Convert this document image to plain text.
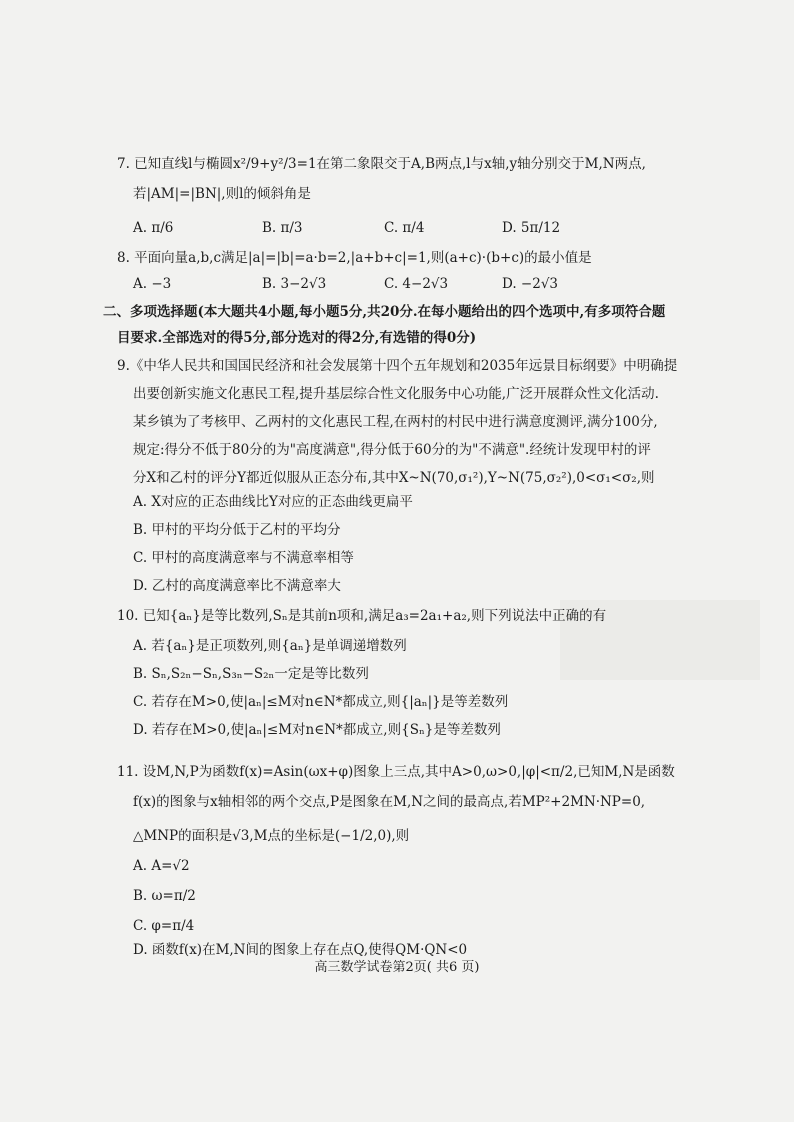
7. 已知直线l与椭圆x²/9+y²/3=1在第二象限交于A,B两点,l与x轴,y轴分别交于M,N两点,
若|AM|=|BN|,则l的倾斜角是
A. π/6	B. π/3	C. π/4	D. 5π/12
8. 平面向量a,b,c满足|a|=|b|=a·b=2,|a+b+c|=1,则(a+c)·(b+c)的最小值是
A. −3	B. 3−2√3	C. 4−2√3	D. −2√3
二、多项选择题(本大题共4小题,每小题5分,共20分.在每小题给出的四个选项中,有多项符合题
目要求.全部选对的得5分,部分选对的得2分,有选错的得0分)
9.《中华人民共和国国民经济和社会发展第十四个五年规划和2035年远景目标纲要》中明确提
出要创新实施文化惠民工程,提升基层综合性文化服务中心功能,广泛开展群众性文化活动.
某乡镇为了考核甲、乙两村的文化惠民工程,在两村的村民中进行满意度测评,满分100分,
规定:得分不低于80分的为"高度满意",得分低于60分的为"不满意".经统计发现甲村的评
分X和乙村的评分Y都近似服从正态分布,其中X~N(70,σ₁²),Y~N(75,σ₂²),0<σ₁<σ₂,则
A. X对应的正态曲线比Y对应的正态曲线更扁平
B. 甲村的平均分低于乙村的平均分
C. 甲村的高度满意率与不满意率相等
D. 乙村的高度满意率比不满意率大
10. 已知{aₙ}是等比数列,Sₙ是其前n项和,满足a₃=2a₁+a₂,则下列说法中正确的有
A. 若{aₙ}是正项数列,则{aₙ}是单调递增数列
B. Sₙ,S₂ₙ−Sₙ,S₃ₙ−S₂ₙ一定是等比数列
C. 若存在M>0,使|aₙ|≤M对n∈N*都成立,则{|aₙ|}是等差数列
D. 若存在M>0,使|aₙ|≤M对n∈N*都成立,则{Sₙ}是等差数列
11. 设M,N,P为函数f(x)=Asin(ωx+φ)图象上三点,其中A>0,ω>0,|φ|<π/2,已知M,N是函数
f(x)的图象与x轴相邻的两个交点,P是图象在M,N之间的最高点,若MP²+2MN·NP=0,
△MNP的面积是√3,M点的坐标是(−1/2,0),则
A. A=√2
B. ω=π/2
C. φ=π/4
D. 函数f(x)在M,N间的图象上存在点Q,使得QM·QN<0
高三数学试卷第2页( 共6 页)
